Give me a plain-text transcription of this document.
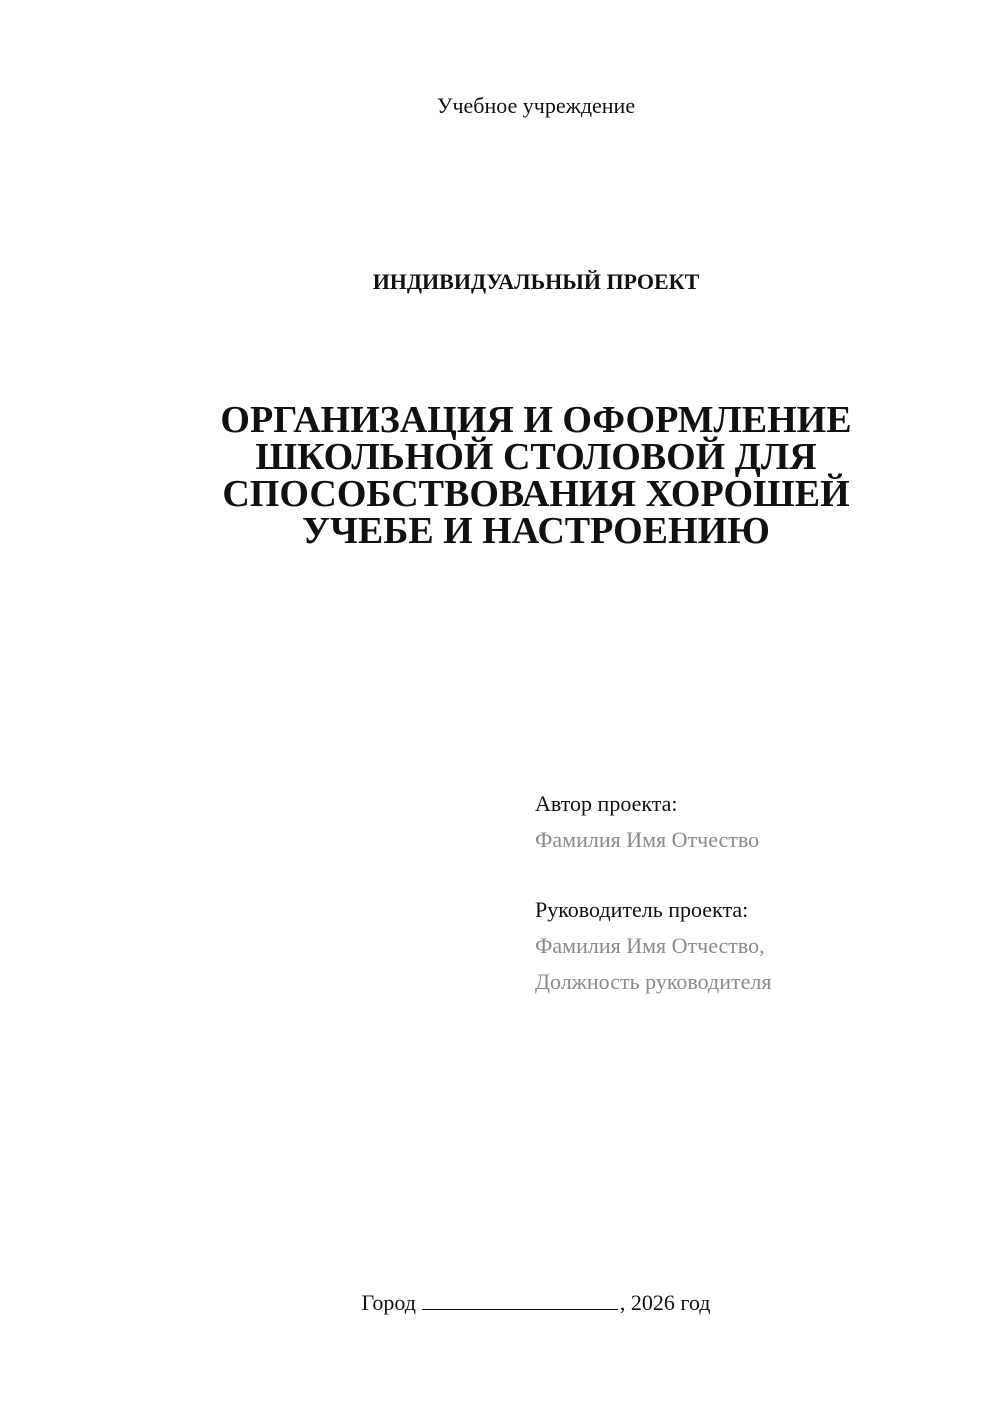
Учебное учреждение
ИНДИВИДУАЛЬНЫЙ ПРОЕКТ
ОРГАНИЗАЦИЯ И ОФОРМЛЕНИЕ
ШКОЛЬНОЙ СТОЛОВОЙ ДЛЯ
СПОСОБСТВОВАНИЯ ХОРОШЕЙ
УЧЕБЕ И НАСТРОЕНИЮ
Автор проекта:
Фамилия Имя Отчество
Руководитель проекта:
Фамилия Имя Отчество,
Должность руководителя
Город	, 2026 год
